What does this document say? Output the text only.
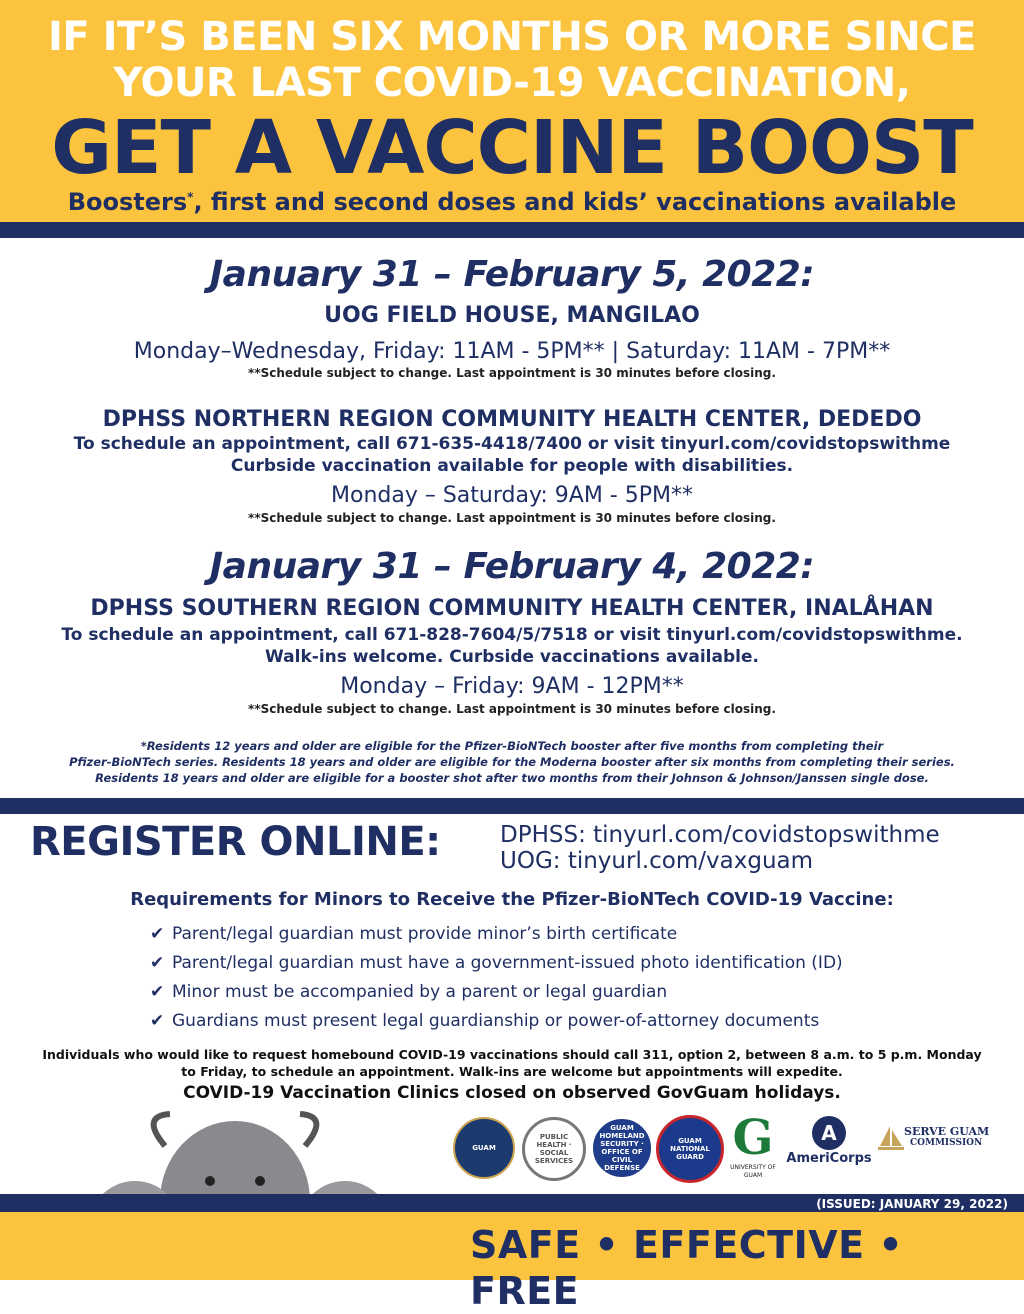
IF IT’S BEEN SIX MONTHS OR MORE SINCE
YOUR LAST COVID-19 VACCINATION,
GET A VACCINE BOOST
Boosters*, first and second doses and kids’ vaccinations available

January 31 – February 5, 2022:

UOG FIELD HOUSE, MANGILAO

Monday–Wednesday, Friday: 11AM - 5PM** | Saturday: 11AM - 7PM**

**Schedule subject to change. Last appointment is 30 minutes before closing.

DPHSS NORTHERN REGION COMMUNITY HEALTH CENTER, DEDEDO

To schedule an appointment, call 671-635-4418/7400 or visit tinyurl.com/covidstopswithme

Curbside vaccination available for people with disabilities.

Monday – Saturday: 9AM - 5PM**

**Schedule subject to change. Last appointment is 30 minutes before closing.

January 31 – February 4, 2022:

DPHSS SOUTHERN REGION COMMUNITY HEALTH CENTER, INALÅHAN

To schedule an appointment, call 671-828-7604/5/7518 or visit tinyurl.com/covidstopswithme.

Walk-ins welcome. Curbside vaccinations available.

Monday – Friday: 9AM - 12PM**

**Schedule subject to change. Last appointment is 30 minutes before closing.

*Residents 12 years and older are eligible for the Pfizer-BioNTech booster after five months from completing their

Pfizer-BioNTech series. Residents 18 years and older are eligible for the Moderna booster after six months from completing their series.

Residents 18 years and older are eligible for a booster shot after two months from their Johnson & Johnson/Janssen single dose.

REGISTER ONLINE:	DPHSS: tinyurl.com/covidstopswithme
UOG: tinyurl.com/vaxguam

Requirements for Minors to Receive the Pfizer-BioNTech COVID-19 Vaccine:

✔ Parent/legal guardian must provide minor’s birth certificate
✔ Parent/legal guardian must have a government-issued photo identification (ID)
✔ Minor must be accompanied by a parent or legal guardian
✔ Guardians must present legal guardianship or power-of-attorney documents

Individuals who would like to request homebound COVID-19 vaccinations should call 311, option 2, between 8 a.m. to 5 p.m. Monday

to Friday, to schedule an appointment. Walk-ins are welcome but appointments will expedite.

COVID-19 Vaccination Clinics closed on observed GovGuam holidays.

GUAM
PUBLIC HEALTH · SOCIAL SERVICES
GUAM HOMELAND SECURITY · OFFICE OF CIVIL DEFENSE
GUAM NATIONAL GUARD G
UNIVERSITY OF GUAM
A
AmeriCorps
SERVE GUAM
COMMISSION
(ISSUED: JANUARY 29, 2022)
SAFE • EFFECTIVE • FREE
